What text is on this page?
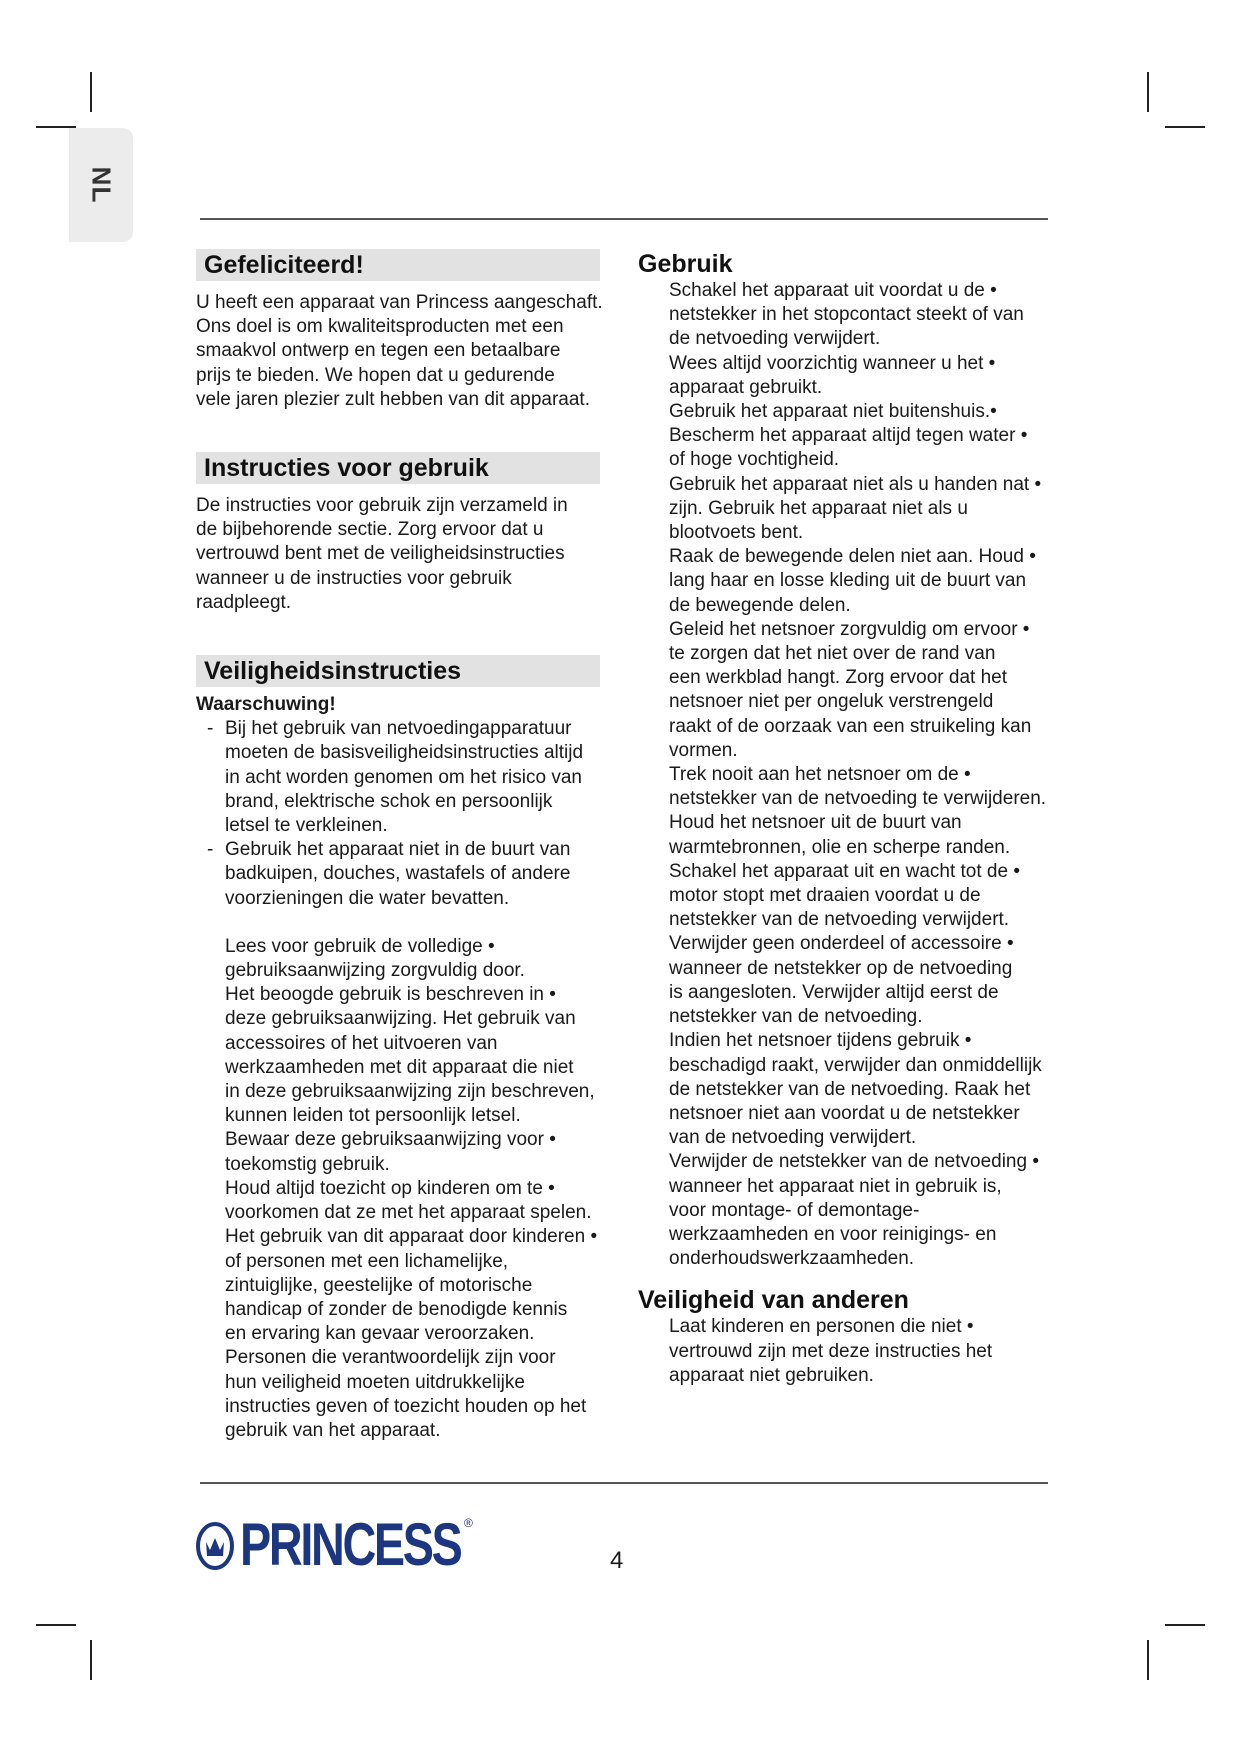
NL
Gefeliciteerd!
U heeft een apparaat van Princess aangeschaft.
Ons doel is om kwaliteitsproducten met een
smaakvol ontwerp en tegen een betaalbare
prijs te bieden. We hopen dat u gedurende
vele jaren plezier zult hebben van dit apparaat.
Instructies voor gebruik
De instructies voor gebruik zijn verzameld in
de bijbehorende sectie. Zorg ervoor dat u
vertrouwd bent met de veiligheidsinstructies
wanneer u de instructies voor gebruik
raadpleegt.
Veiligheidsinstructies

Waarschuwing!

- Bij het gebruik van netvoedingapparatuur
moeten de basisveiligheidsinstructies altijd
in acht worden genomen om het risico van
brand, elektrische schok en persoonlijk
letsel te verkleinen.
- Gebruik het apparaat niet in de buurt van
badkuipen, douches, wastafels of andere
voorzieningen die water bevatten.
Lees voor gebruik de volledige •
gebruiksaanwijzing zorgvuldig door.
Het beoogde gebruik is beschreven in •
deze gebruiksaanwijzing. Het gebruik van
accessoires of het uitvoeren van
werkzaamheden met dit apparaat die niet
in deze gebruiksaanwijzing zijn beschreven,
kunnen leiden tot persoonlijk letsel.
Bewaar deze gebruiksaanwijzing voor •
toekomstig gebruik.
Houd altijd toezicht op kinderen om te •
voorkomen dat ze met het apparaat spelen.
Het gebruik van dit apparaat door kinderen •
of personen met een lichamelijke,
zintuiglijke, geestelijke of motorische
handicap of zonder de benodigde kennis
en ervaring kan gevaar veroorzaken.
Personen die verantwoordelijk zijn voor
hun veiligheid moeten uitdrukkelijke
instructies geven of toezicht houden op het
gebruik van het apparaat.
Gebruik
Schakel het apparaat uit voordat u de •
netstekker in het stopcontact steekt of van
de netvoeding verwijdert.
Wees altijd voorzichtig wanneer u het •
apparaat gebruikt.
Gebruik het apparaat niet buitenshuis.•
Bescherm het apparaat altijd tegen water •
of hoge vochtigheid.
Gebruik het apparaat niet als u handen nat •
zijn. Gebruik het apparaat niet als u
blootvoets bent.
Raak de bewegende delen niet aan. Houd •
lang haar en losse kleding uit de buurt van
de bewegende delen.
Geleid het netsnoer zorgvuldig om ervoor •
te zorgen dat het niet over de rand van
een werkblad hangt. Zorg ervoor dat het
netsnoer niet per ongeluk verstrengeld
raakt of de oorzaak van een struikeling kan
vormen.
Trek nooit aan het netsnoer om de •
netstekker van de netvoeding te verwijderen.
Houd het netsnoer uit de buurt van
warmtebronnen, olie en scherpe randen.
Schakel het apparaat uit en wacht tot de •
motor stopt met draaien voordat u de
netstekker van de netvoeding verwijdert.
Verwijder geen onderdeel of accessoire •
wanneer de netstekker op de netvoeding
is aangesloten. Verwijder altijd eerst de
netstekker van de netvoeding.
Indien het netsnoer tijdens gebruik •
beschadigd raakt, verwijder dan onmiddellijk
de netstekker van de netvoeding. Raak het
netsnoer niet aan voordat u de netstekker
van de netvoeding verwijdert.
Verwijder de netstekker van de netvoeding •
wanneer het apparaat niet in gebruik is,
voor montage- of demontage-
werkzaamheden en voor reinigings- en
onderhoudswerkzaamheden.
Veiligheid van anderen
Laat kinderen en personen die niet •
vertrouwd zijn met deze instructies het
apparaat niet gebruiken.
PRINCESS ®
4
